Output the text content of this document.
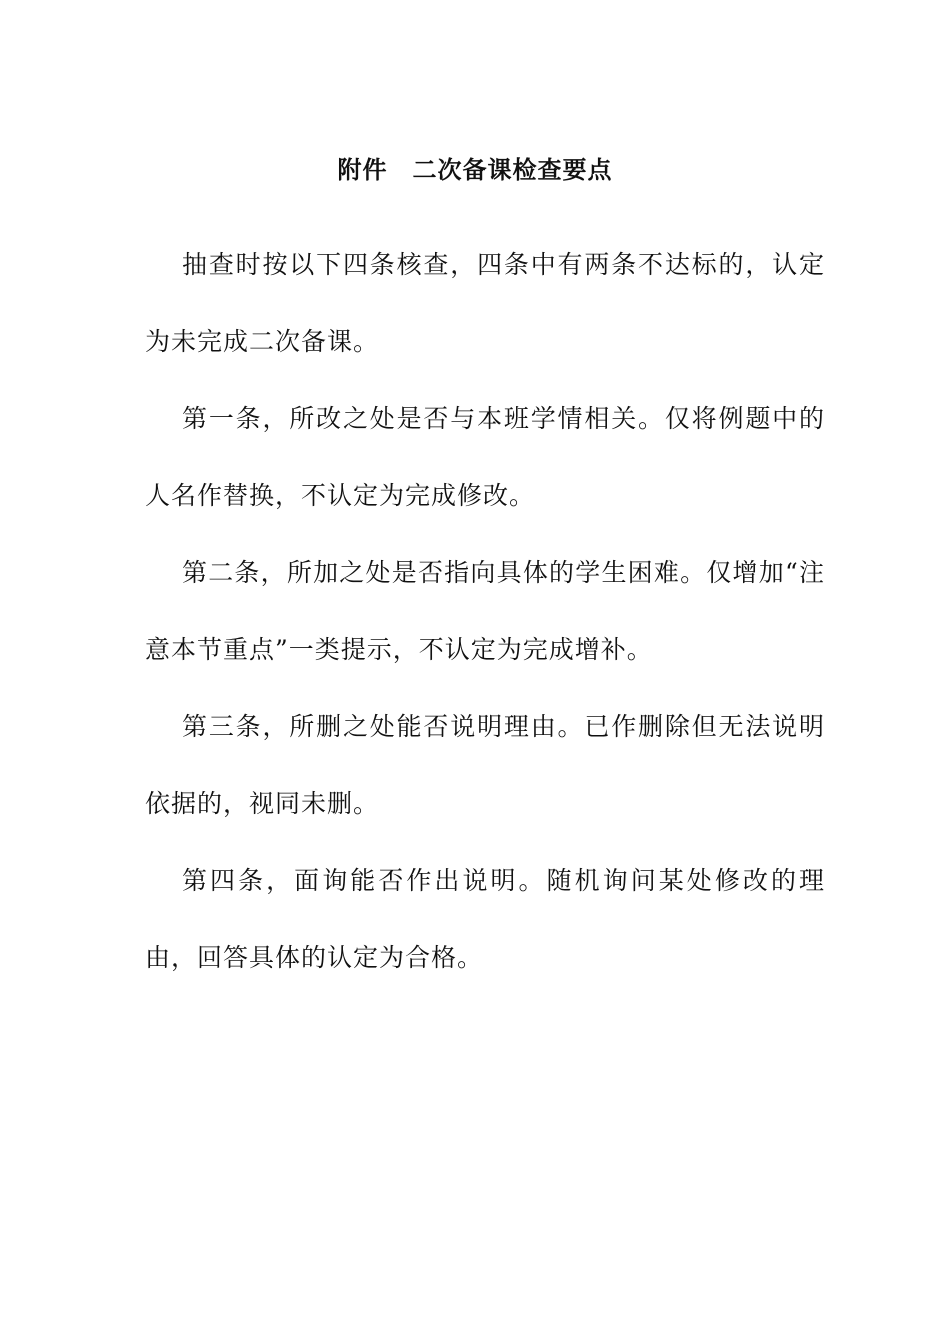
附件　二次备课检查要点

抽查时按以下四条核查，四条中有两条不达标的，认定为未完成二次备课。

第一条，所改之处是否与本班学情相关。仅将例题中的人名作替换，不认定为完成修改。

第二条，所加之处是否指向具体的学生困难。仅增加“注意本节重点”一类提示，不认定为完成增补。

第三条，所删之处能否说明理由。已作删除但无法说明依据的，视同未删。

第四条，面询能否作出说明。随机询问某处修改的理由，回答具体的认定为合格。
